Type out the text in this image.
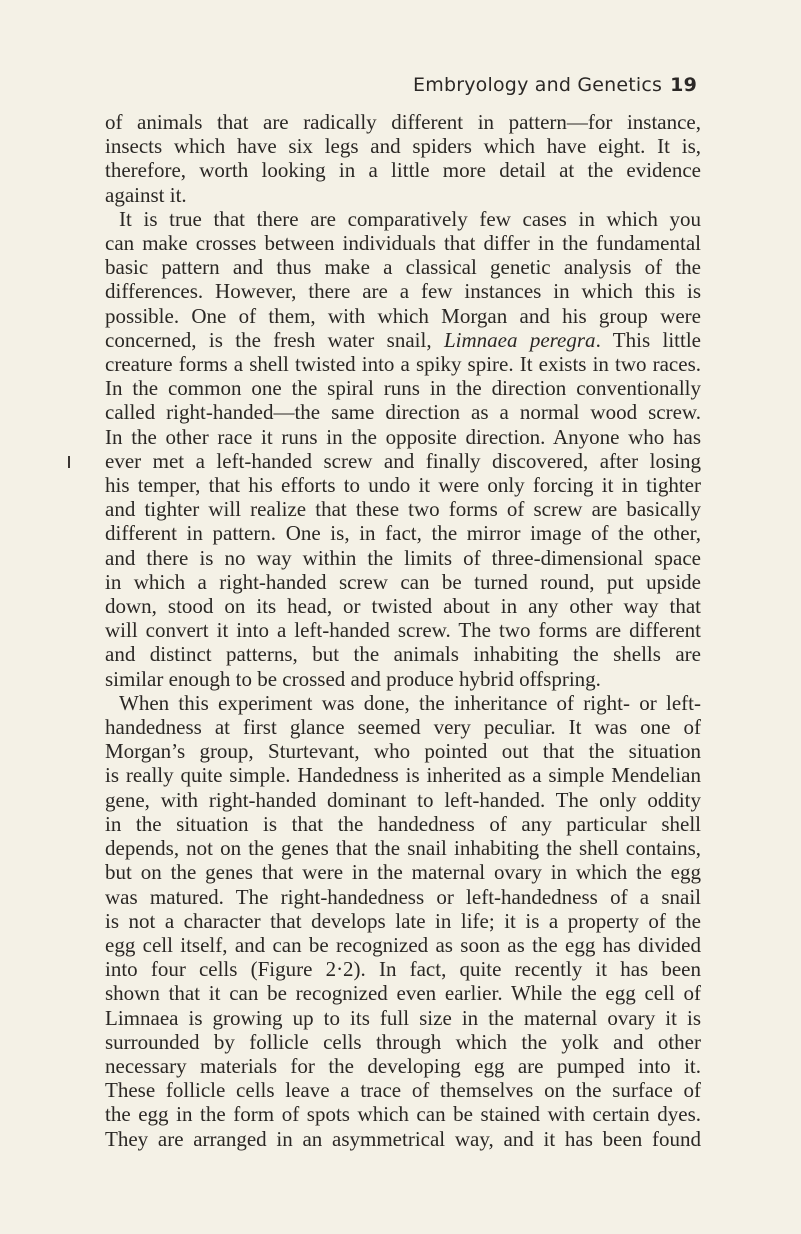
Embryology and Genetics 19
of animals that are radically different in pattern—for instance,
insects which have six legs and spiders which have eight. It is,
therefore, worth looking in a little more detail at the evidence
against it.
It is true that there are comparatively few cases in which you
can make crosses between individuals that differ in the fundamental
basic pattern and thus make a classical genetic analysis of the
differences. However, there are a few instances in which this is
possible. One of them, with which Morgan and his group were
concerned, is the fresh water snail, Limnaea peregra. This little
creature forms a shell twisted into a spiky spire. It exists in two races.
In the common one the spiral runs in the direction conventionally
called right-handed—the same direction as a normal wood screw.
In the other race it runs in the opposite direction. Anyone who has
ever met a left-handed screw and finally discovered, after losing
his temper, that his efforts to undo it were only forcing it in tighter
and tighter will realize that these two forms of screw are basically
different in pattern. One is, in fact, the mirror image of the other,
and there is no way within the limits of three-dimensional space
in which a right-handed screw can be turned round, put upside
down, stood on its head, or twisted about in any other way that
will convert it into a left-handed screw. The two forms are different
and distinct patterns, but the animals inhabiting the shells are
similar enough to be crossed and produce hybrid offspring.
When this experiment was done, the inheritance of right- or left-
handedness at first glance seemed very peculiar. It was one of
Morgan’s group, Sturtevant, who pointed out that the situation
is really quite simple. Handedness is inherited as a simple Mendelian
gene, with right-handed dominant to left-handed. The only oddity
in the situation is that the handedness of any particular shell
depends, not on the genes that the snail inhabiting the shell contains,
but on the genes that were in the maternal ovary in which the egg
was matured. The right-handedness or left-handedness of a snail
is not a character that develops late in life; it is a property of the
egg cell itself, and can be recognized as soon as the egg has divided
into four cells (Figure 2·2). In fact, quite recently it has been
shown that it can be recognized even earlier. While the egg cell of
Limnaea is growing up to its full size in the maternal ovary it is
surrounded by follicle cells through which the yolk and other
necessary materials for the developing egg are pumped into it.
These follicle cells leave a trace of themselves on the surface of
the egg in the form of spots which can be stained with certain dyes.
They are arranged in an asymmetrical way, and it has been found
